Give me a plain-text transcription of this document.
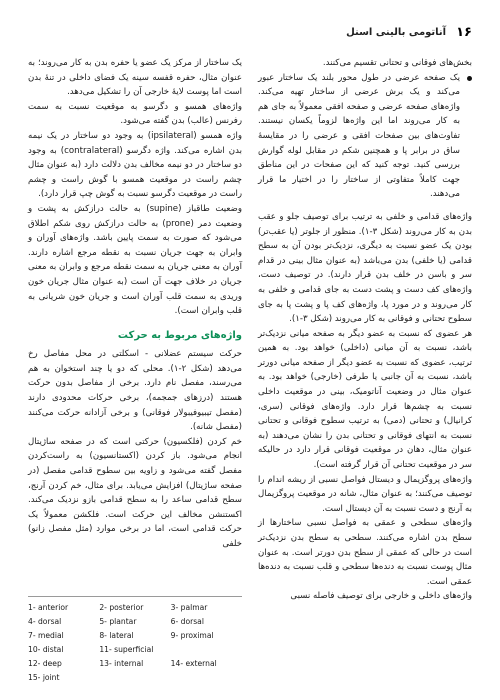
۱۶
آناتومی بالینی اسنل

بخش‌های فوقانی و تحتانی تقسیم می‌کنند.

یک صفحه عرضی در طول محور بلند یک ساختار عبور می‌کند و یک برش عرضی از ساختار تهیه می‌کند. واژه‌های صفحه عرضی و صفحه افقی معمولاً به جای هم به کار می‌روند اما این واژه‌ها لزوماً یکسان نیستند. تفاوت‌های بین صفحات افقی و عرضی را در مقایسهٔ ساق در برابر پا و همچنین شکم در مقابل لوله گوارش بررسی کنید. توجه کنید که این صفحات در این مناطق جهت کاملاً متفاوتی از ساختار را در اختیار ما قرار می‌دهند.

واژه‌های قدامی و خلفی به ترتیب برای توصیف جلو و عقب بدن به کار می‌روند (شکل ۳-۱). منظور از جلوتر (یا عقب‌تر) بودن یک عضو نسبت به دیگری، نزدیک‌تر بودن آن به سطح قدامی (یا خلفی) بدن می‌باشد (به عنوان مثال بینی در قدام سر و باسن در خلف بدن قرار دارند). در توصیف دست، واژه‌های کف دست و پشت دست به جای قدامی و خلفی به کار می‌روند و در مورد پا، واژه‌های کف پا و پشت پا به جای سطوح تحتانی و فوقانی به کار می‌روند (شکل ۳-۱).

هر عضوی که نسبت به عضو دیگر به صفحه میانی نزدیک‌تر باشد، نسبت به آن میانی (داخلی) خواهد بود. به همین ترتیب، عضوی که نسبت به عضو دیگر از صفحه میانی دورتر باشد، نسبت به آن جانبی یا طرفی (خارجی) خواهد بود. به عنوان مثال در وضعیت آناتومیک، بینی در موقعیت داخلی نسبت به چشم‌ها قرار دارد. واژه‌های فوقانی (سری، کرانیال) و تحتانی (دمی) به ترتیب سطوح فوقانی و تحتانی نسبت به انتهای فوقانی و تحتانی بدن را نشان می‌دهند (به عنوان مثال، دهان در موقعیت فوقانی قرار دارد در حالیکه سر در موقعیت تحتانی آن قرار گرفته است).

واژه‌های پروگزیمال و دیستال فواصل نسبی از ریشه اندام را توصیف می‌کنند؛ به عنوان مثال، شانه در موقعیت پروگزیمال به آرنج و دست نسبت به آن دیستال است.

واژه‌های سطحی و عمقی به فواصل نسبی ساختارها از سطح بدن اشاره می‌کنند. سطحی به سطح بدن نزدیک‌تر است در حالی که عمقی از سطح بدن دورتر است. به عنوان مثال پوست نسبت به دنده‌ها سطحی و قلب نسبت به دنده‌ها عمقی است.

واژه‌های داخلی و خارجی برای توصیف فاصله نسبی

یک ساختار از مرکز یک عضو یا حفره بدن به کار می‌روند؛ به عنوان مثال، حفره قفسه سینه یک فضای داخلی در تنهٔ بدن است اما پوست لایهٔ خارجی آن را تشکیل می‌دهد.

واژه‌های همسو و دگرسو به موقعیت نسبت به سمت رفرنس (عالب) بدن گفته می‌شود.

واژه همسو (ipsilateral) به وجود دو ساختار در یک نیمه بدن اشاره می‌کند. واژه دگرسو (contralateral) به وجود دو ساختار در دو نیمه مخالف بدن دلالت دارد (به عنوان مثال چشم راست در موقعیت همسو با گوش راست و چشم راست در موقعیت دگرسو نسبت به گوش چپ قرار دارد).

وضعیت طاقباز (supine) به حالت درازکش به پشت و وضعیت دمر (prone) به حالت درازکش روی شکم اطلاق می‌شود که صورت به سمت پایین باشد. واژه‌های آوران و وابران به جهت جریان نسبت به نقطه مرجع اشاره دارند. آوران به معنی جریان به سمت نقطه مرجع و وابران به معنی جریان در خلاف جهت آن است (به عنوان مثال جریان خون وریدی به سمت قلب آوران است و جریان خون شریانی به قلب وابران است).

واژه‌های مربوط به حرکت

حرکت سیستم عضلانی - اسکلتی در محل مفاصل رخ می‌دهد (شکل ۲-۱). محلی که دو یا چند استخوان به هم می‌رسند، مفصل نام دارد. برخی از مفاصل بدون حرکت هستند (درزهای جمجمه)، برخی حرکات محدودی دارند (مفصل تیبیوفیبولار فوقانی) و برخی آزادانه حرکت می‌کنند (مفصل شانه).

خم کردن (فلکسیون) حرکتی است که در صفحه ساژیتال انجام می‌شود. باز کردن (اکستانسیون) به راست‌کردن مفصل گفته می‌شود و زاویه بین سطوح قدامی مفصل (در صفحه ساژیتال) افزایش می‌یابد. برای مثال، خم کردن آرنج، سطح قدامی ساعد را به سطح قدامی بازو نزدیک می‌کند. اکستنشن مخالف این حرکت است. فلکشن معمولاً یک حرکت قدامی است، اما در برخی موارد (مثل مفصل زانو) خلفی

1- anterior	2- posterior	3- palmar
4- dorsal	5- plantar	6- dorsal
7- medial	8- lateral	9- proximal
10- distal	11- superficial
12- deep	13- internal	14- external
15- joint
